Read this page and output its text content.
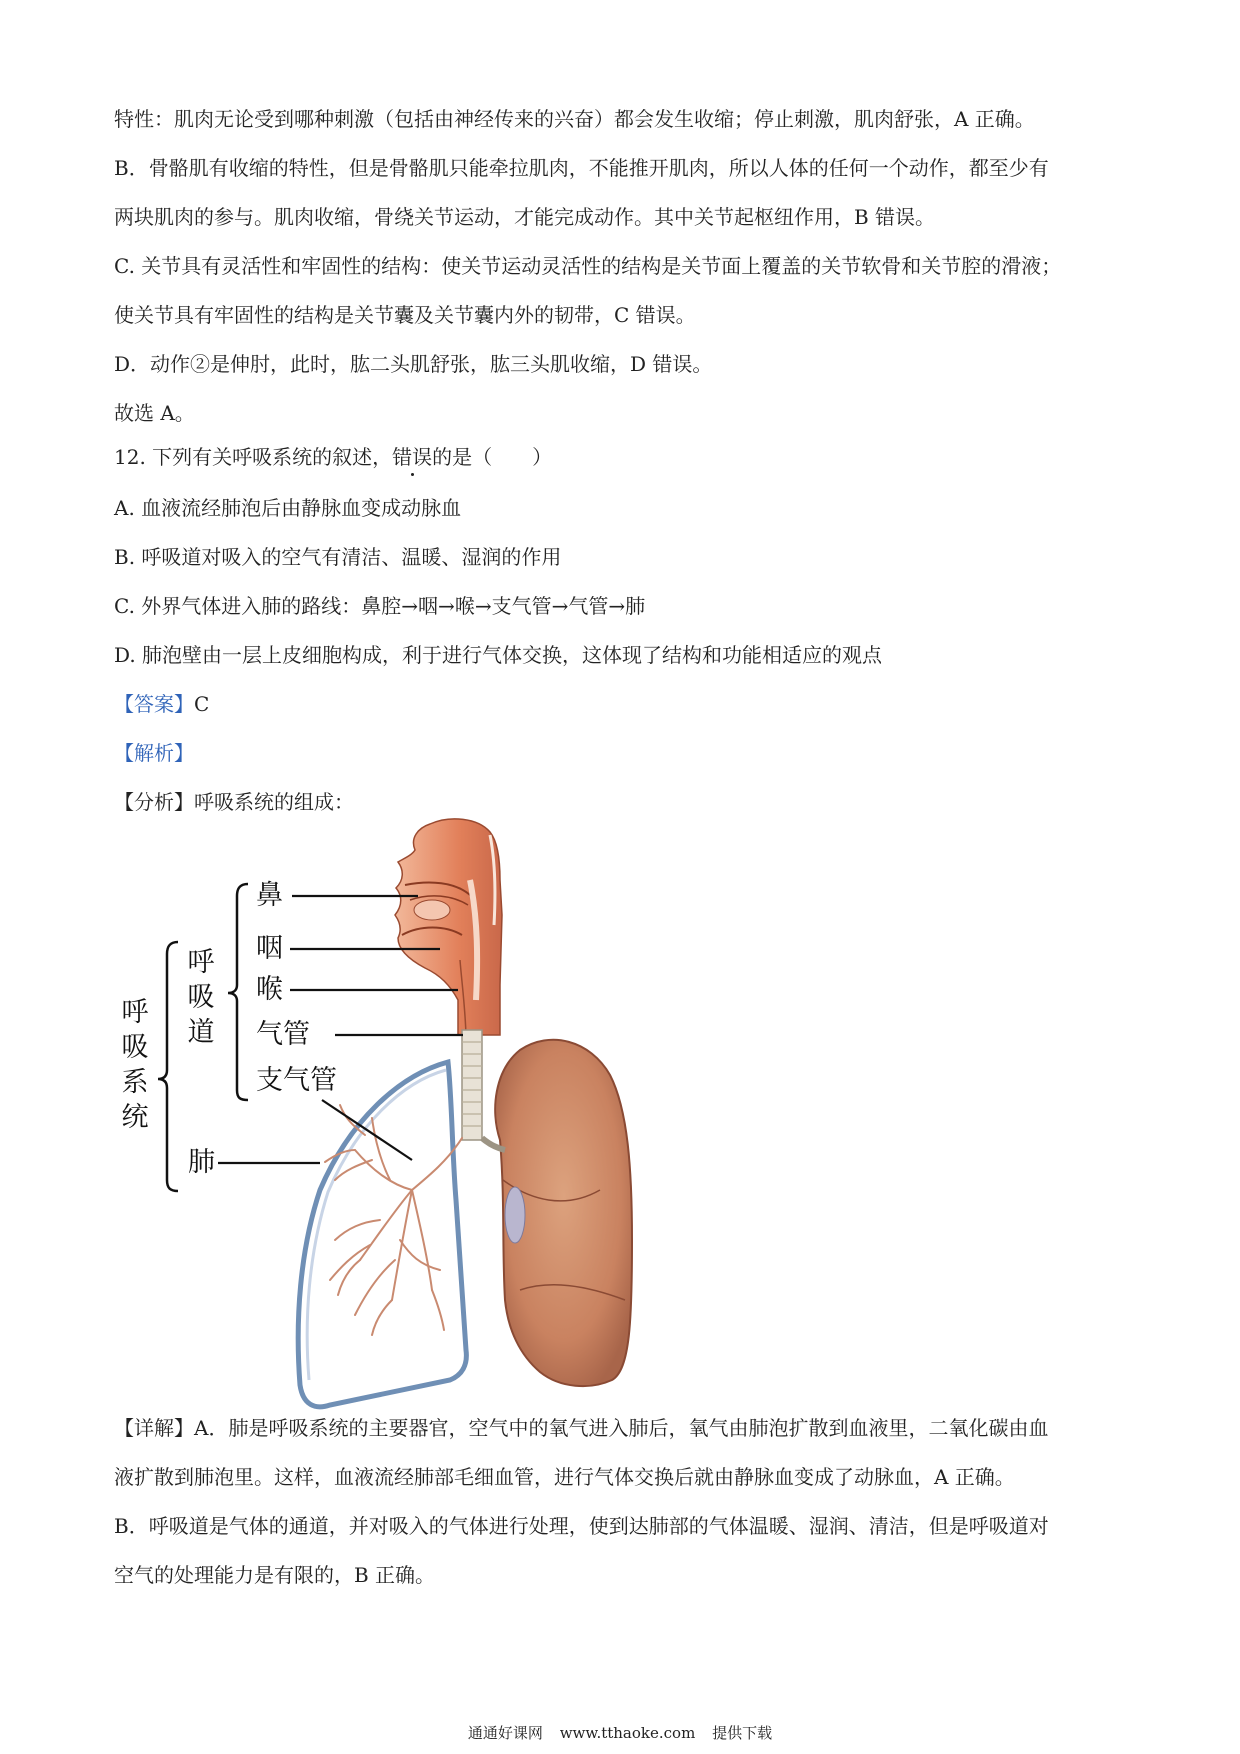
特性：肌肉无论受到哪种刺激（包括由神经传来的兴奋）都会发生收缩；停止刺激，肌肉舒张，A 正确。
B．骨骼肌有收缩的特性，但是骨骼肌只能牵拉肌肉，不能推开肌肉，所以人体的任何一个动作，都至少有
两块肌肉的参与。肌肉收缩，骨绕关节运动，才能完成动作。其中关节起枢纽作用，B 错误。
C. 关节具有灵活性和牢固性的结构：使关节运动灵活性的结构是关节面上覆盖的关节软骨和关节腔的滑液；
使关节具有牢固性的结构是关节囊及关节囊内外的韧带，C 错误。
D．动作②是伸肘，此时，肱二头肌舒张，肱三头肌收缩，D 错误。
故选 A。
12. 下列有关呼吸系统的叙述，错误的是（　　）
A. 血液流经肺泡后由静脉血变成动脉血
B. 呼吸道对吸入的空气有清洁、温暖、湿润的作用
C. 外界气体进入肺的路线：鼻腔→咽→喉→支气管→气管→肺
D. 肺泡壁由一层上皮细胞构成，利于进行气体交换，这体现了结构和功能相适应的观点
【答案】C
【解析】
【分析】呼吸系统的组成：
呼吸系统
呼吸道
鼻
咽
喉
气管
支气管
肺
【详解】A．肺是呼吸系统的主要器官，空气中的氧气进入肺后，氧气由肺泡扩散到血液里，二氧化碳由血
液扩散到肺泡里。这样，血液流经肺部毛细血管，进行气体交换后就由静脉血变成了动脉血，A 正确。
B．呼吸道是气体的通道，并对吸入的气体进行处理，使到达肺部的气体温暖、湿润、清洁，但是呼吸道对
空气的处理能力是有限的，B 正确。
通通好课网 www.tthaoke.com 提供下载
